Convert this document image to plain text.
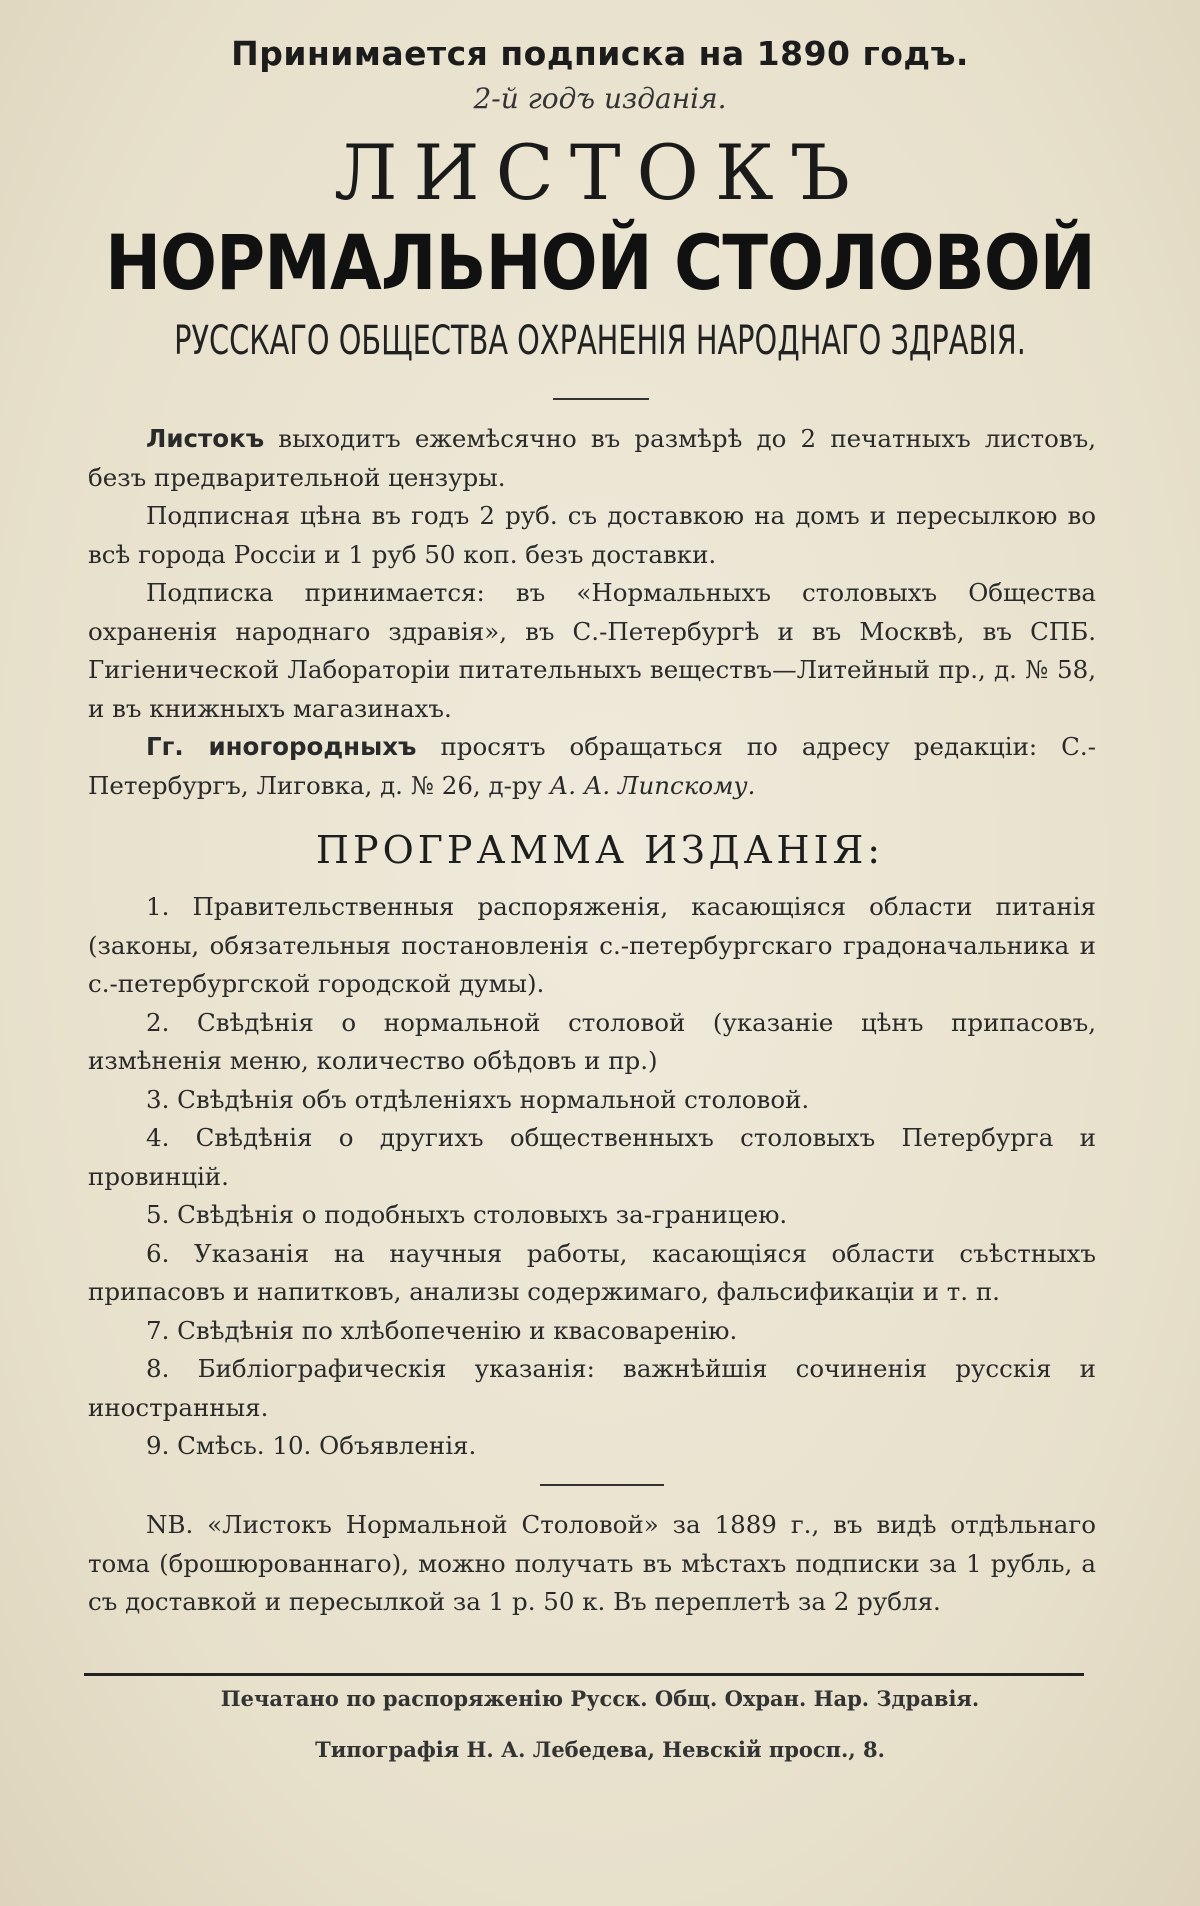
Принимается подписка на 1890 годъ.
2-й годъ изданія.
ЛИСТОКЪ
НОРМАЛЬНОЙ СТОЛОВОЙ
РУССКАГО ОБЩЕСТВА ОХРАНЕНІЯ НАРОДНАГО ЗДРАВІЯ.

Листокъ выходитъ ежемѣсячно въ размѣрѣ до 2 печатныхъ листовъ, безъ предварительной цензуры.

Подписная цѣна въ годъ 2 руб. съ доставкою на домъ и пересылкою во всѣ города Россіи и 1 руб 50 коп. безъ доставки.

Подписка принимается: въ «Нормальныхъ столовыхъ Общества охраненія народнаго здравія», въ С.-Петербургѣ и въ Москвѣ, въ СПБ. Гигіенической Лабораторіи питательныхъ веществъ—Литейный пр., д. № 58, и въ книжныхъ магазинахъ.

Гг. иногородныхъ просятъ обращаться по адресу редакціи: С.-Петербургъ, Лиговка, д. № 26, д-ру А. А. Липскому.

ПРОГРАММА ИЗДАНІЯ:

1. Правительственныя распоряженія, касающіяся области питанія (законы, обязательныя постановленія с.-петербургскаго градоначальника и с.-петербургской городской думы).

2. Свѣдѣнія о нормальной столовой (указаніе цѣнъ припасовъ, измѣненія меню, количество обѣдовъ и пр.)

3. Свѣдѣнія объ отдѣленіяхъ нормальной столовой.

4. Свѣдѣнія о другихъ общественныхъ столовыхъ Петербурга и провинцій.

5. Свѣдѣнія о подобныхъ столовыхъ за-границею.

6. Указанія на научныя работы, касающіяся области съѣстныхъ припасовъ и напитковъ, анализы содержимаго, фальсификаціи и т. п.

7. Свѣдѣнія по хлѣбопеченію и квасоваренію.

8. Библіографическія указанія: важнѣйшія сочиненія русскія и иностранныя.

9. Смѣсь. 10. Объявленія.

NB. «Листокъ Нормальной Столовой» за 1889 г., въ видѣ отдѣльнаго тома (брошюрованнаго), можно получать въ мѣстахъ подписки за 1 рубль, а съ доставкой и пересылкой за 1 р. 50 к. Въ переплетѣ за 2 рубля.

Печатано по распоряженію Русск. Общ. Охран. Нар. Здравія.
Типографія Н. А. Лебедева, Невскій просп., 8.
